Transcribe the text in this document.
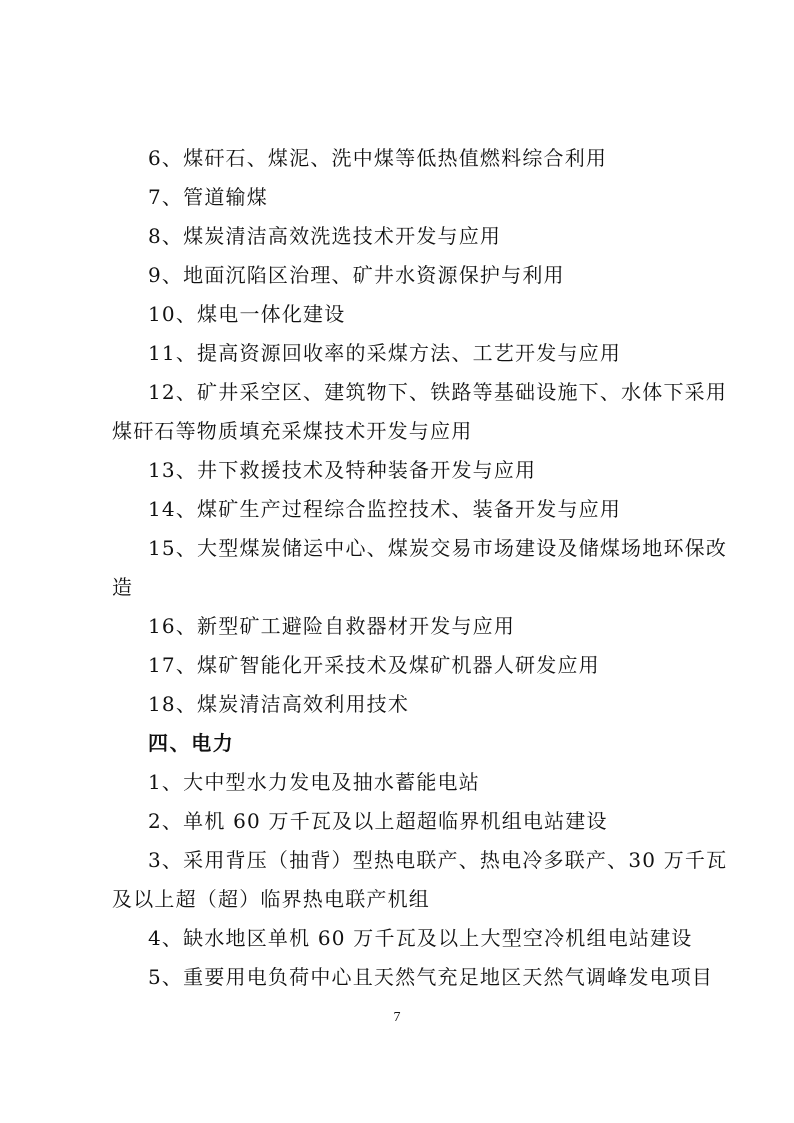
6、煤矸石、煤泥、洗中煤等低热值燃料综合利用
7、管道输煤
8、煤炭清洁高效洗选技术开发与应用
9、地面沉陷区治理、矿井水资源保护与利用
10、煤电一体化建设
11、提高资源回收率的采煤方法、工艺开发与应用
12、矿井采空区、建筑物下、铁路等基础设施下、水体下采用
煤矸石等物质填充采煤技术开发与应用
13、井下救援技术及特种装备开发与应用
14、煤矿生产过程综合监控技术、装备开发与应用
15、大型煤炭储运中心、煤炭交易市场建设及储煤场地环保改
造
16、新型矿工避险自救器材开发与应用
17、煤矿智能化开采技术及煤矿机器人研发应用
18、煤炭清洁高效利用技术
四、电力
1、大中型水力发电及抽水蓄能电站
2、单机 60 万千瓦及以上超超临界机组电站建设
3、采用背压（抽背）型热电联产、热电冷多联产、30 万千瓦
及以上超（超）临界热电联产机组
4、缺水地区单机 60 万千瓦及以上大型空冷机组电站建设
5、重要用电负荷中心且天然气充足地区天然气调峰发电项目
7
